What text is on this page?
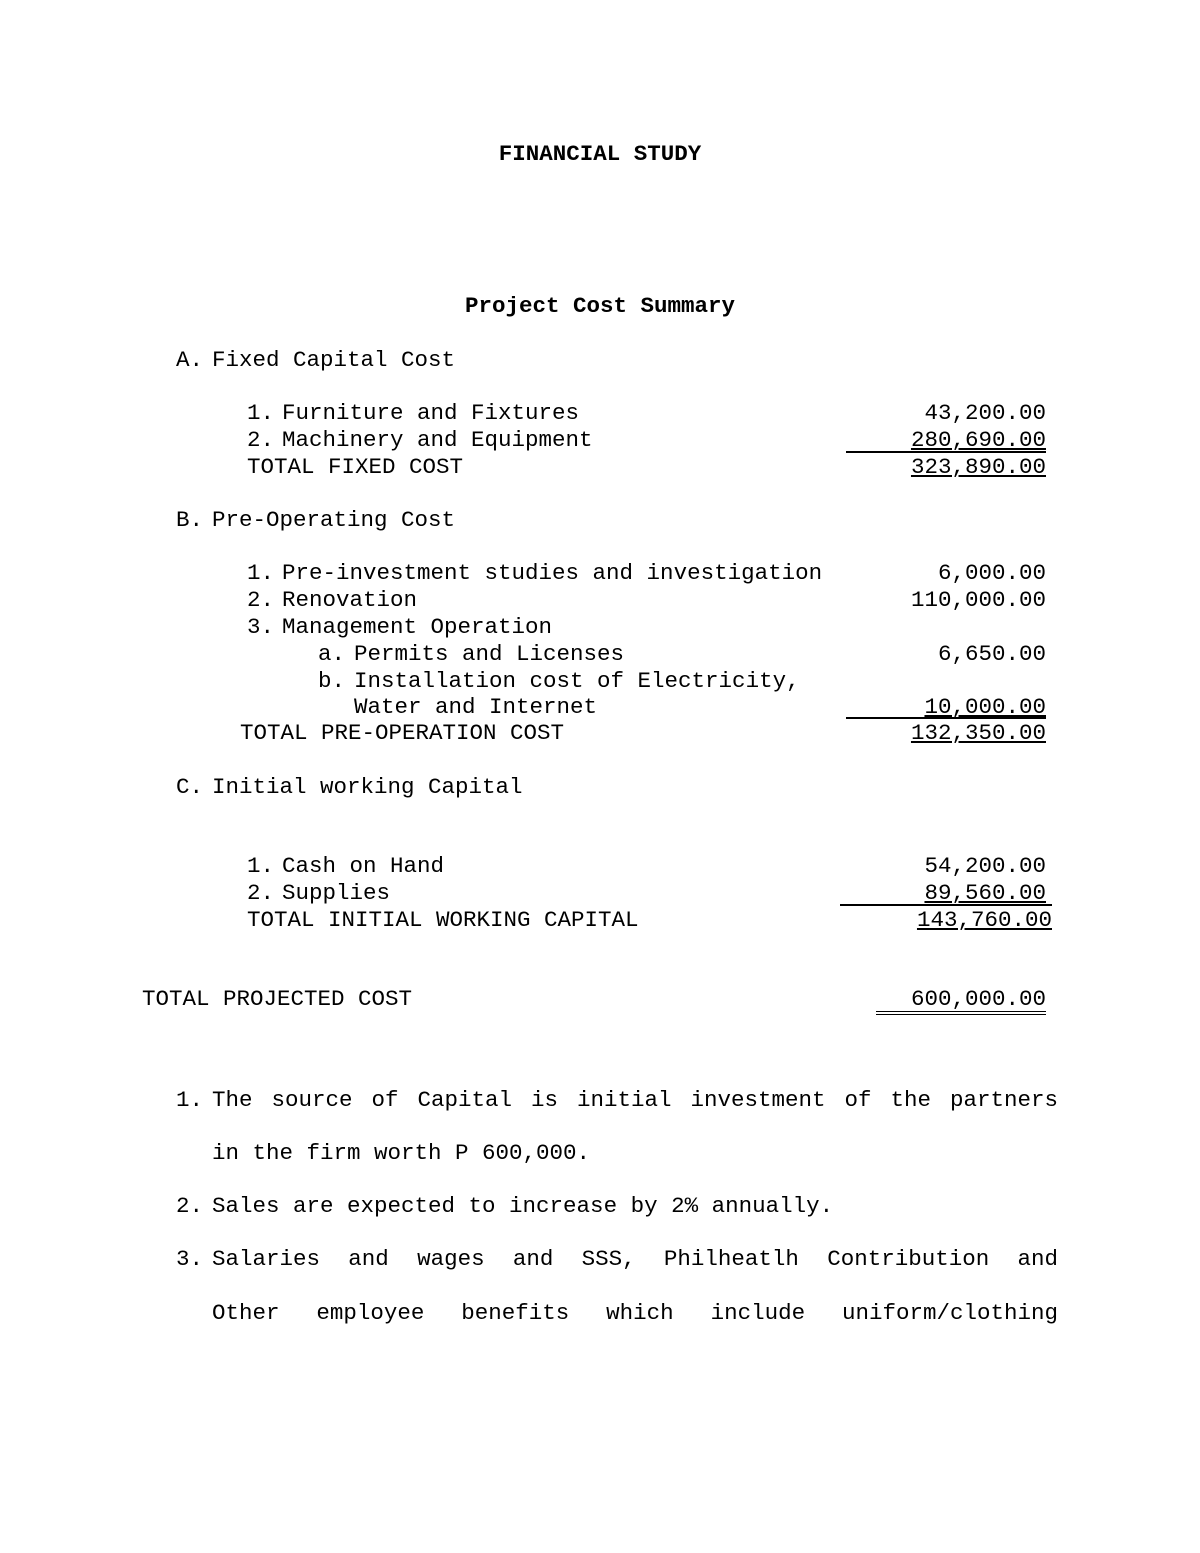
FINANCIAL STUDY
Project Cost Summary
A. Fixed Capital Cost
1. Furniture and Fixtures	43,200.00
2. Machinery and Equipment	280,690.00
TOTAL FIXED COST	323,890.00
B. Pre-Operating Cost
1. Pre-investment studies and investigation	6,000.00
2. Renovation	110,000.00
3. Management Operation
a. Permits and Licenses	6,650.00
b. Installation cost of Electricity,
Water and Internet	10,000.00
TOTAL PRE-OPERATION COST	132,350.00
C. Initial working Capital
1. Cash on Hand	54,200.00
2. Supplies	89,560.00
TOTAL INITIAL WORKING CAPITAL	143,760.00
TOTAL PROJECTED COST	600,000.00
1. The source of Capital is initial investment of the partners
in the firm worth P 600,000.
2. Sales are expected to increase by 2% annually.
3. Salaries and wages and SSS, Philheatlh Contribution and
Other employee benefits which include uniform/clothing
